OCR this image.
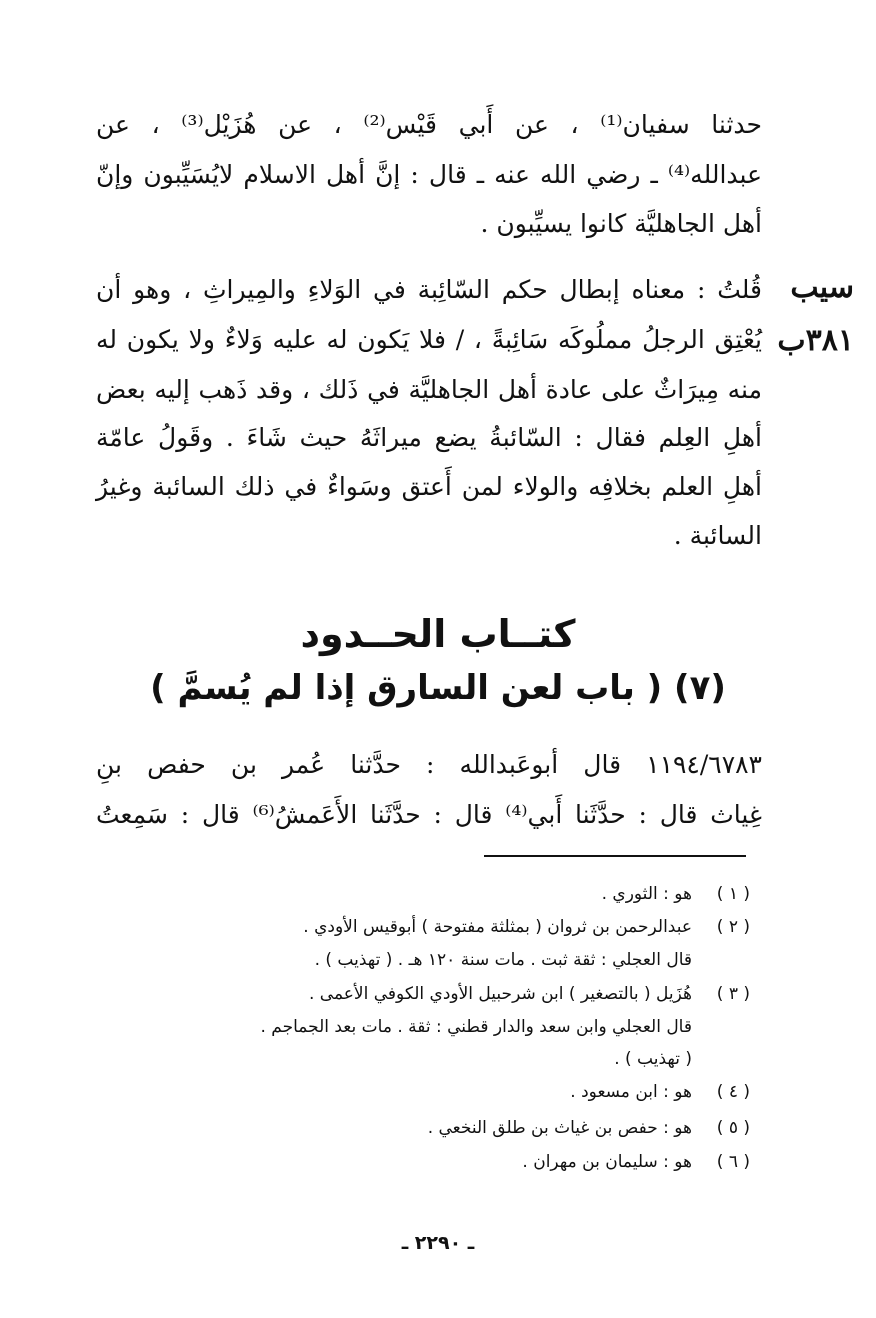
حدثنا سفيان⁽¹⁾ ، عن أَبي قَيْس⁽²⁾ ، عن هُزَيْل⁽³⁾ ، عن
عبدالله⁽⁴⁾ ـ رضي الله عنه ـ قال : إنَّ أهل الاسلام لايُسَيِّبون وإنّ
أهل الجاهليَّة كانوا يسيِّبون .
سيب
٣٨١ب
قُلتُ : معناه إبطال حكم السّائِبة في الوَلاءِ والمِيراثِ ، وهو أن
يُعْتِق الرجلُ مملُوكَه سَائِبةً ، / فلا يَكون له عليه وَلاءٌ ولا يكون له
منه مِيرَاثٌ على عادة أهل الجاهليَّة في ذَلك ، وقد ذَهب إليه بعض
أهلِ العِلم فقال : السّائبةُ يضع ميراثَهُ حيث شَاءَ . وقَولُ عامّة
أهلِ العلم بخلافِه والولاء لمن أَعتق وسَواءٌ في ذلك السائبة وغيرُ
السائبة .
كتــاب الحــدود
(٧) ( باب لعن السارق إذا لم يُسمَّ )
١١٩٤/٦٧٨٣ قال أبوعَبدالله : حدَّثنا عُمر بن حفص بنِ
غِياث قال : حدَّثَنا أَبي⁽⁴⁾ قال : حدَّثَنا الأَعَمشُ⁽⁶⁾ قال : سَمِعتُ
( ١ )هو : الثوري .
( ٢ )عبدالرحمن بن ثروان ( بمثلثة مفتوحة ) أبوقيس الأودي .
قال العجلي : ثقة ثبت . مات سنة ١٢٠ هـ . ( تهذيب ) .
( ٣ )هُزَيل ( بالتصغير ) ابن شرحبيل الأودي الكوفي الأعمى .
قال العجلي وابن سعد والدار قطني : ثقة . مات بعد الجماجم .
( تهذيب ) .
( ٤ )هو : ابن مسعود .
( ٥ )هو : حفص بن غياث بن طلق النخعي .
( ٦ )هو : سليمان بن مهران .
ـ ٢٢٩٠ ـ
